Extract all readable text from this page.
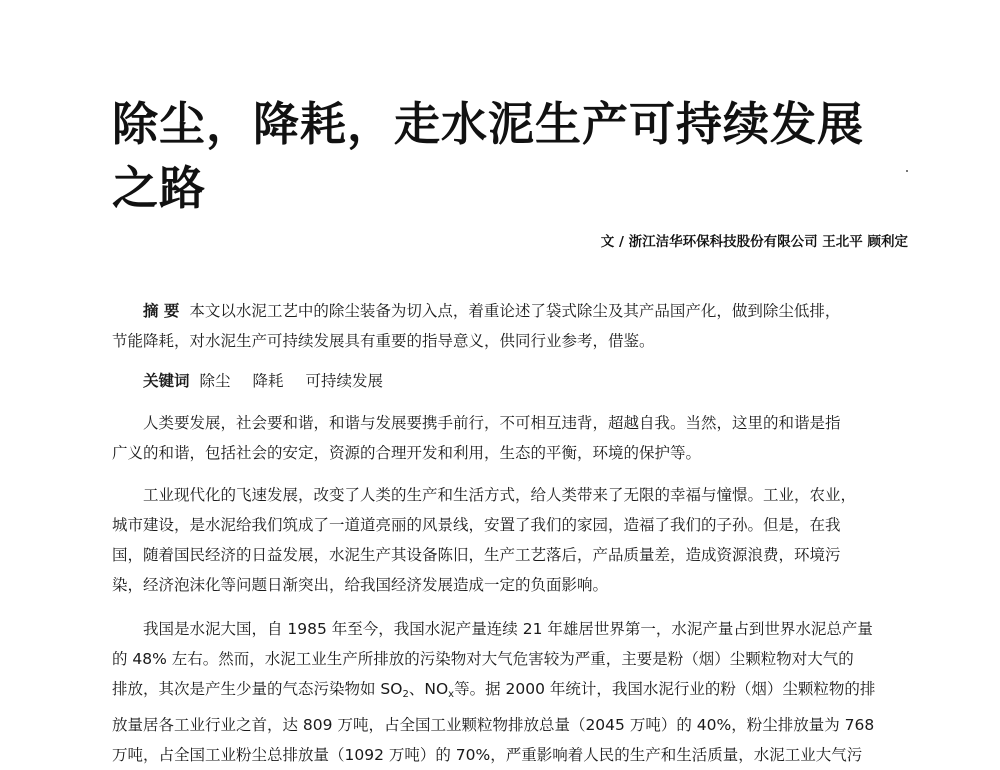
除尘，降耗，走水泥生产可持续发展
之路
文 / 浙江洁华环保科技股份有限公司 王北平 顾利定
摘 要 本文以水泥工艺中的除尘装备为切入点，着重论述了袋式除尘及其产品国产化，做到除尘低排，
节能降耗，对水泥生产可持续发展具有重要的指导意义，供同行业参考，借鉴。
关键词 除尘 降耗 可持续发展
人类要发展，社会要和谐，和谐与发展要携手前行，不可相互违背，超越自我。当然，这里的和谐是指
广义的和谐，包括社会的安定，资源的合理开发和利用，生态的平衡，环境的保护等。
工业现代化的飞速发展，改变了人类的生产和生活方式，给人类带来了无限的幸福与憧憬。工业，农业，
城市建设，是水泥给我们筑成了一道道亮丽的风景线，安置了我们的家园，造福了我们的子孙。但是，在我
国，随着国民经济的日益发展，水泥生产其设备陈旧，生产工艺落后，产品质量差，造成资源浪费，环境污
染，经济泡沫化等问题日渐突出，给我国经济发展造成一定的负面影响。
我国是水泥大国，自 1985 年至今，我国水泥产量连续 21 年雄居世界第一，水泥产量占到世界水泥总产量
的 48% 左右。然而，水泥工业生产所排放的污染物对大气危害较为严重，主要是粉（烟）尘颗粒物对大气的
排放，其次是产生少量的气态污染物如 $SO_2$、$NO_x$等。据 2000 年统计，我国水泥行业的粉（烟）尘颗粒物的排
放量居各工业行业之首，达 809 万吨，占全国工业颗粒物排放总量（2045 万吨）的 40%，粉尘排放量为 768
万吨，占全国工业粉尘总排放量（1092 万吨）的 70%，严重影响着人民的生产和生活质量，水泥工业大气污
